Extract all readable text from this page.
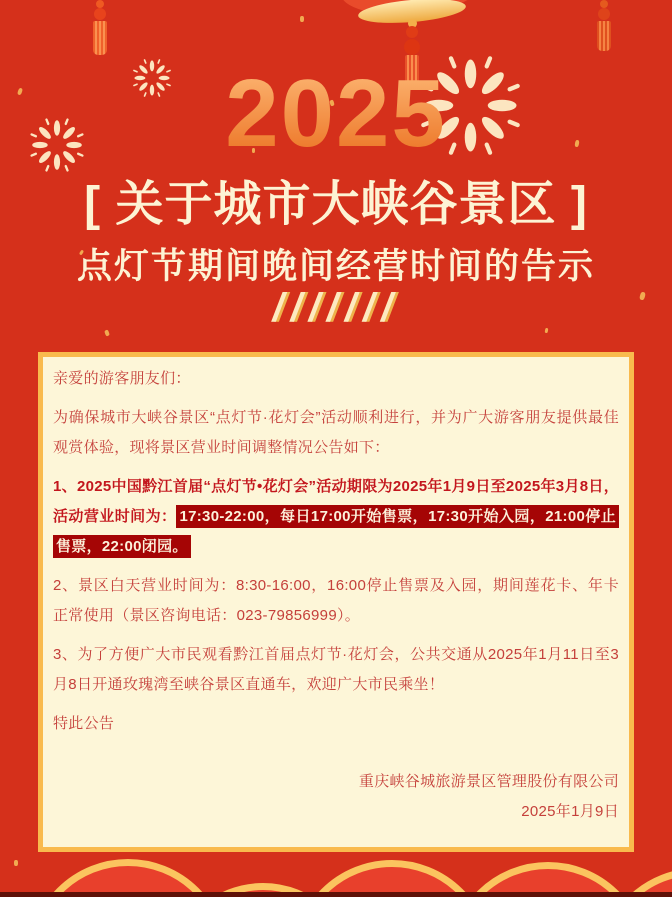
2025
[ 关于城市大峡谷景区 ]
点灯节期间晚间经营时间的告示
///////

亲爱的游客朋友们：

为确保城市大峡谷景区“点灯节·花灯会”活动顺利进行，并为广大游客朋友提供最佳观赏体验，现将景区营业时间调整情况公告如下：

1、2025中国黔江首届“点灯节•花灯会”活动期限为2025年1月9日至2025年3月8日，活动营业时间为： 17:30-22:00，每日17:00开始售票，17:30开始入园，21:00停止售票，22:00闭园。

2、景区白天营业时间为：8:30-16:00，16:00停止售票及入园，期间莲花卡、年卡正常使用（景区咨询电话：023-79856999）。

3、为了方便广大市民观看黔江首届点灯节·花灯会，公共交通从2025年1月11日至3月8日开通玫瑰湾至峡谷景区直通车，欢迎广大市民乘坐！

特此公告

重庆峡谷城旅游景区管理股份有限公司

2025年1月9日
